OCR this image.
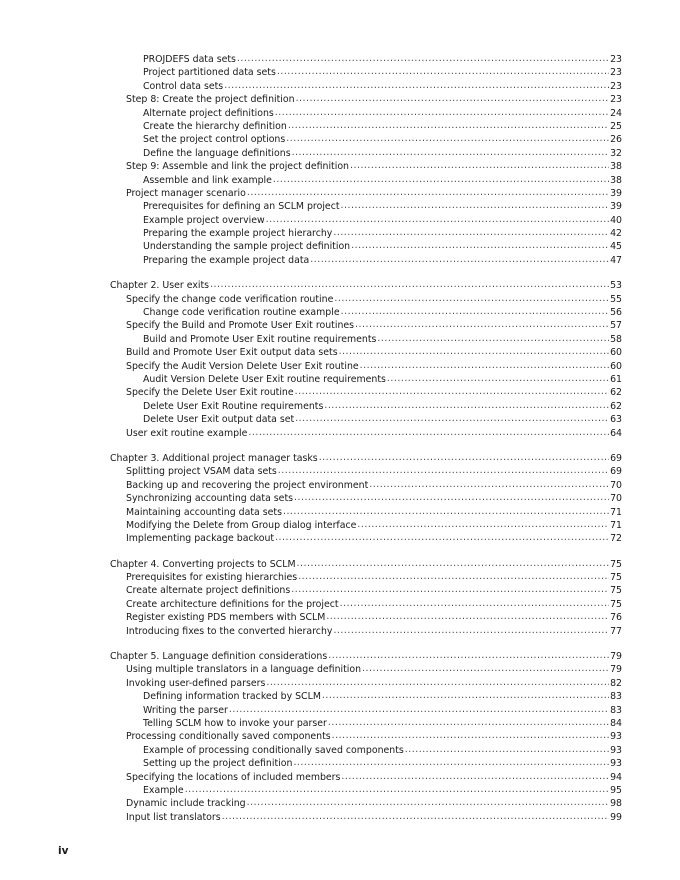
PROJDEFS data sets .....	23
Project partitioned data sets .....	23
Control data sets .....	23
Step 8: Create the project definition .....	23
Alternate project definitions .....	24
Create the hierarchy definition .....	25
Set the project control options .....	26
Define the language definitions .....	32
Step 9: Assemble and link the project definition .....	38
Assemble and link example .....	38
Project manager scenario .....	39
Prerequisites for defining an SCLM project .....	39
Example project overview .....	40
Preparing the example project hierarchy .....	42
Understanding the sample project definition .....	45
Preparing the example project data .....	47
Chapter 2. User exits .....	53
Specify the change code verification routine .....	55
Change code verification routine example .....	56
Specify the Build and Promote User Exit routines .....	57
Build and Promote User Exit routine requirements .....	58
Build and Promote User Exit output data sets .....	60
Specify the Audit Version Delete User Exit routine .....	60
Audit Version Delete User Exit routine requirements .....	61
Specify the Delete User Exit routine .....	62
Delete User Exit Routine requirements .....	62
Delete User Exit output data set .....	63
User exit routine example .....	64
Chapter 3. Additional project manager tasks .....	69
Splitting project VSAM data sets .....	69
Backing up and recovering the project environment .....	70
Synchronizing accounting data sets .....	70
Maintaining accounting data sets .....	71
Modifying the Delete from Group dialog interface .....	71
Implementing package backout .....	72
Chapter 4. Converting projects to SCLM .....	75
Prerequisites for existing hierarchies .....	75
Create alternate project definitions .....	75
Create architecture definitions for the project .....	75
Register existing PDS members with SCLM .....	76
Introducing fixes to the converted hierarchy .....	77
Chapter 5. Language definition considerations .....	79
Using multiple translators in a language definition .....	79
Invoking user-defined parsers .....	82
Defining information tracked by SCLM .....	83
Writing the parser .....	83
Telling SCLM how to invoke your parser .....	84
Processing conditionally saved components .....	93
Example of processing conditionally saved components .....	93
Setting up the project definition .....	93
Specifying the locations of included members .....	94
Example .....	95
Dynamic include tracking .....	98
Input list translators .....	99
iv
